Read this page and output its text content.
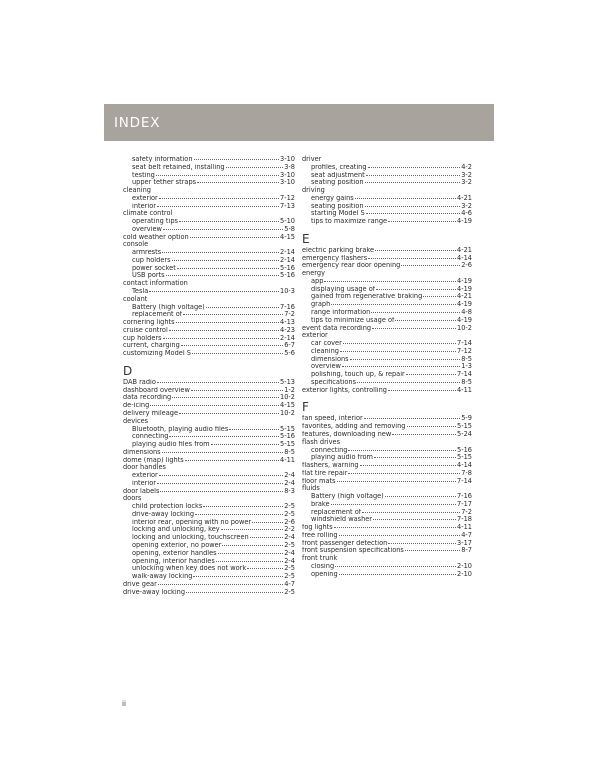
INDEX
safety information	3-10
seat belt retained, installing	3-8
testing	3-10
upper tether straps	3-10
cleaning
exterior	7-12
interior	7-13
climate control
operating tips	5-10
overview	5-8
cold weather option	4-15
console
armrests	2-14
cup holders	2-14
power socket	5-16
USB ports	5-16
contact information
Tesla	10-3
coolant
Battery (high voltage)	7-16
replacement of	7-2
cornering lights	4-13
cruise control	4-23
cup holders	2-14
current, charging	6-7
customizing Model S	5-6
D
DAB radio	5-13
dashboard overview	1-2
data recording	10-2
de-icing	4-15
delivery mileage	10-2
devices
Bluetooth, playing audio files	5-15
connecting	5-16
playing audio files from	5-15
dimensions	8-5
dome (map) lights	4-11
door handles
exterior	2-4
interior	2-4
door labels	8-3
doors
child protection locks	2-5
drive-away locking	2-5
interior rear, opening with no power	2-6
locking and unlocking, key	2-2
locking and unlocking, touchscreen	2-4
opening exterior, no power	2-5
opening, exterior handles	2-4
opening, interior handles	2-4
unlocking when key does not work	2-5
walk-away locking	2-5
drive gear	4-7
drive-away locking	2-5
driver
profiles, creating	4-2
seat adjustment	3-2
seating position	3-2
driving
energy gains	4-21
seating position	3-2
starting Model S	4-6
tips to maximize range	4-19
E
electric parking brake	4-21
emergency flashers	4-14
emergency rear door opening	2-6
energy
app	4-19
displaying usage of	4-19
gained from regenerative braking	4-21
graph	4-19
range information	4-8
tips to minimize usage of	4-19
event data recording	10-2
exterior
car cover	7-14
cleaning	7-12
dimensions	8-5
overview	1-3
polishing, touch up, & repair	7-14
specifications	8-5
exterior lights, controlling	4-11
F
fan speed, interior	5-9
favorites, adding and removing	5-15
features, downloading new	5-24
flash drives
connecting	5-16
playing audio from	5-15
flashers, warning	4-14
flat tire repair	7-8
floor mats	7-14
fluids
Battery (high voltage)	7-16
brake	7-17
replacement of	7-2
windshield washer	7-18
fog lights	4-11
free rolling	4-7
front passenger detection	3-17
front suspension specifications	8-7
front trunk
closing	2-10
opening	2-10
ii
